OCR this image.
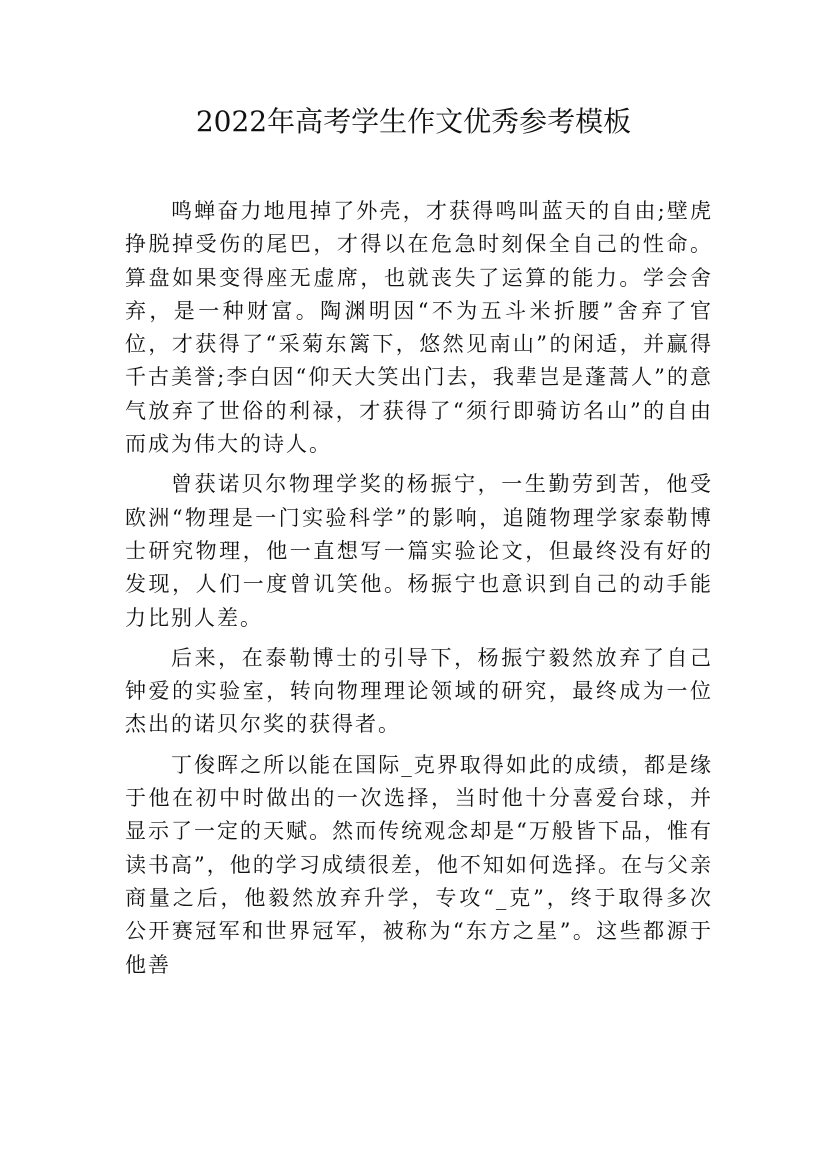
2022年高考学生作文优秀参考模板

鸣蝉奋力地甩掉了外壳，才获得鸣叫蓝天的自由;壁虎挣脱掉受伤的尾巴，才得以在危急时刻保全自己的性命。算盘如果变得座无虚席，也就丧失了运算的能力。学会舍弃，是一种财富。陶渊明因“不为五斗米折腰”舍弃了官位，才获得了“采菊东篱下，悠然见南山”的闲适，并赢得千古美誉;李白因“仰天大笑出门去，我辈岂是蓬蒿人”的意气放弃了世俗的利禄，才获得了“须行即骑访名山”的自由而成为伟大的诗人。

曾获诺贝尔物理学奖的杨振宁，一生勤劳到苦，他受欧洲“物理是一门实验科学”的影响，追随物理学家泰勒博士研究物理，他一直想写一篇实验论文，但最终没有好的发现，人们一度曾讥笑他。杨振宁也意识到自己的动手能力比别人差。

后来，在泰勒博士的引导下，杨振宁毅然放弃了自己钟爱的实验室，转向物理理论领域的研究，最终成为一位杰出的诺贝尔奖的获得者。

丁俊晖之所以能在国际_克界取得如此的成绩，都是缘于他在初中时做出的一次选择，当时他十分喜爱台球，并显示了一定的天赋。然而传统观念却是“万般皆下品，惟有读书高”，他的学习成绩很差，他不知如何选择。在与父亲商量之后，他毅然放弃升学，专攻“_克”，终于取得多次公开赛冠军和世界冠军，被称为“东方之星”。这些都源于他善
